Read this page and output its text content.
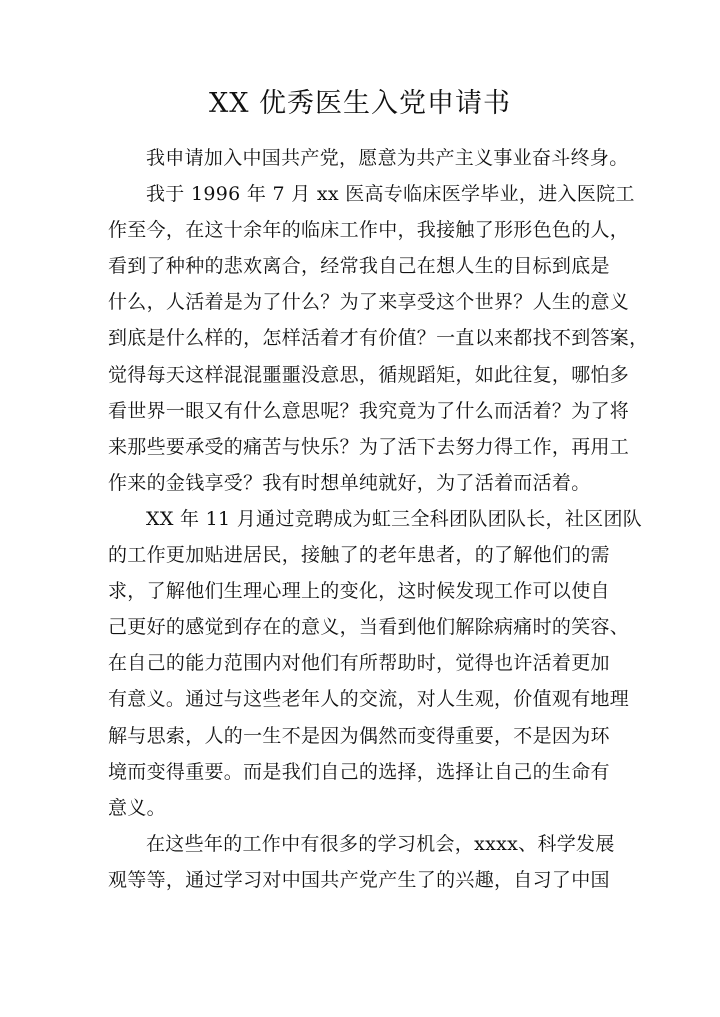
XX 优秀医生入党申请书
我申请加入中国共产党，愿意为共产主义事业奋斗终身。
我于 1996 年 7 月 xx 医高专临床医学毕业，进入医院工
作至今，在这十余年的临床工作中，我接触了形形色色的人，
看到了种种的悲欢离合，经常我自己在想人生的目标到底是
什么，人活着是为了什么？为了来享受这个世界？人生的意义
到底是什么样的，怎样活着才有价值？一直以来都找不到答案，
觉得每天这样混混噩噩没意思，循规蹈矩，如此往复，哪怕多
看世界一眼又有什么意思呢？我究竟为了什么而活着？为了将
来那些要承受的痛苦与快乐？为了活下去努力得工作，再用工
作来的金钱享受？我有时想单纯就好，为了活着而活着。
XX 年 11 月通过竞聘成为虹三全科团队团队长，社区团队
的工作更加贴进居民，接触了的老年患者，的了解他们的需
求，了解他们生理心理上的变化，这时候发现工作可以使自
己更好的感觉到存在的意义，当看到他们解除病痛时的笑容、
在自己的能力范围内对他们有所帮助时，觉得也许活着更加
有意义。通过与这些老年人的交流，对人生观，价值观有地理
解与思索，人的一生不是因为偶然而变得重要，不是因为环
境而变得重要。而是我们自己的选择，选择让自己的生命有
意义。
在这些年的工作中有很多的学习机会，xxxx、科学发展
观等等，通过学习对中国共产党产生了的兴趣，自习了中国
